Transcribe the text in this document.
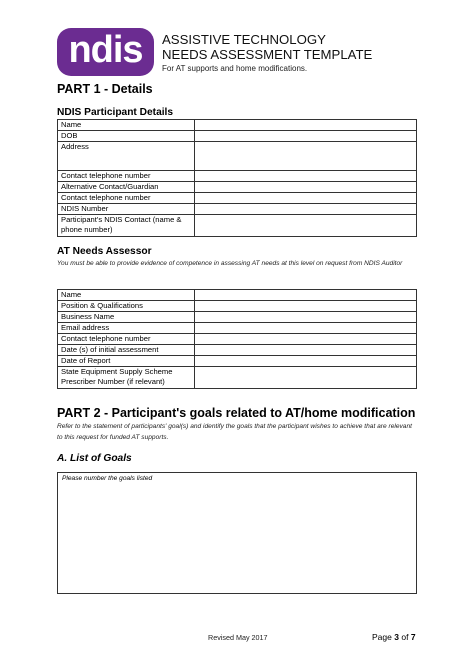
ndis ASSISTIVE TECHNOLOGY
NEEDS ASSESSMENT TEMPLATE
For AT supports and home modifications.
PART 1 - Details
NDIS Participant Details
Name	
DOB	
Address	
Contact telephone number	
Alternative Contact/Guardian	
Contact telephone number	
NDIS Number	
Participant's NDIS Contact (name & phone number)	
AT Needs Assessor
You must be able to provide evidence of competence in assessing AT needs at this level on request from NDIS Auditor
Name	
Position & Qualifications	
Business Name	
Email address	
Contact telephone number	
Date (s) of initial assessment	
Date of Report	
State Equipment Supply Scheme Prescriber Number (if relevant)	
PART 2 - Participant's goals related to AT/home modification
Refer to the statement of participants' goal(s) and identify the goals that the participant wishes to achieve that are relevant to this request for funded AT supports.
A. List of Goals
Please number the goals listed
Revised May 2017	Page 3 of 7
